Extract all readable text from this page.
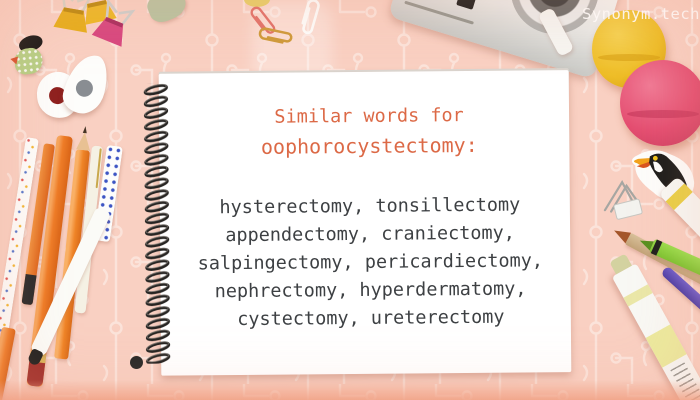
Similar words for
oophorocystectomy:
hysterectomy, tonsillectomy
appendectomy, craniectomy,
salpingectomy, pericardiectomy,
nephrectomy, hyperdermatomy,
cystectomy, ureterectomy
Synonym.tech
